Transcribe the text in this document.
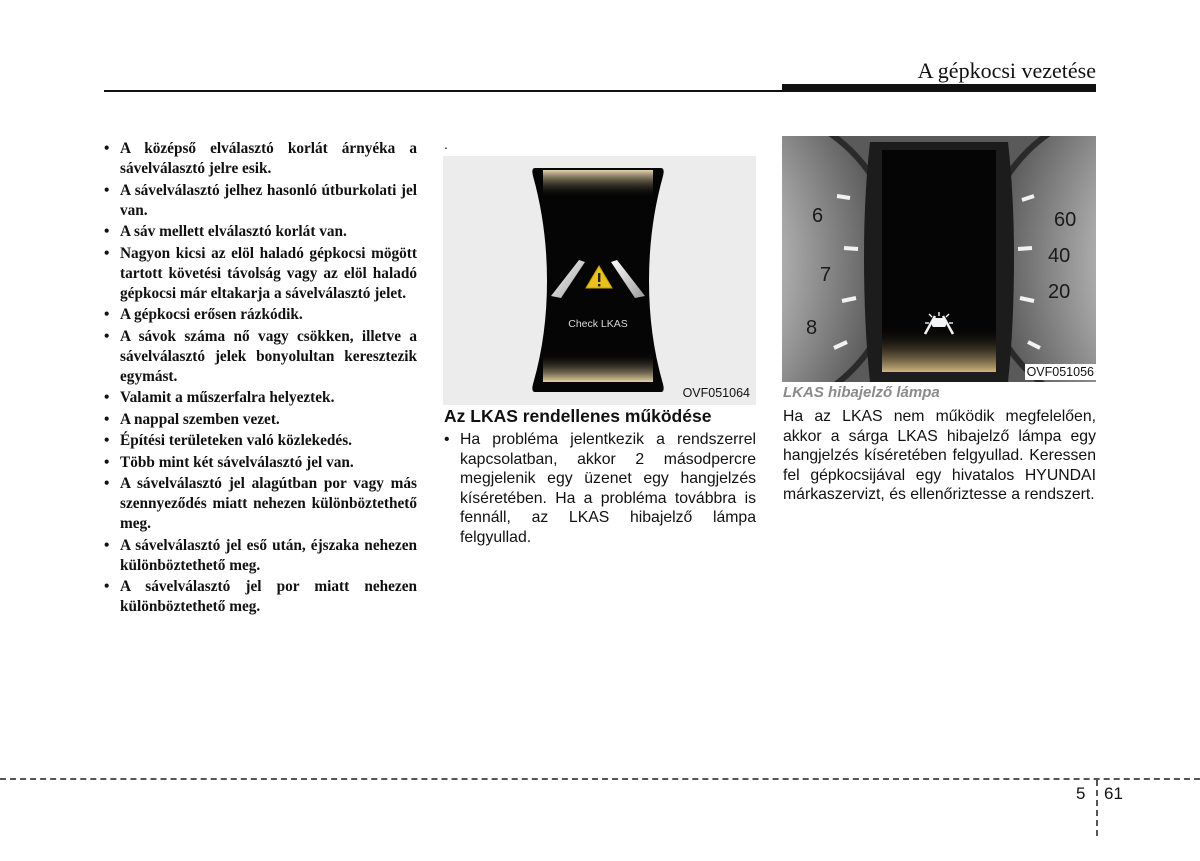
A gépkocsi vezetése
• A középső elválasztó korlát árnyéka a sávelválasztó jelre esik.
• A sávelválasztó jelhez hasonló útburkolati jel van.
• A sáv mellett elválasztó korlát van.
• Nagyon kicsi az elöl haladó gépkocsi mögött tartott követési távolság vagy az elöl haladó gépkocsi már eltakarja a sávelválasztó jelet.
• A gépkocsi erősen rázkódik.
• A sávok száma nő vagy csökken, illetve a sávelválasztó jelek bonyolultan keresztezik egymást.
• Valamit a műszerfalra helyeztek.
• A nappal szemben vezet.
• Építési területeken való közlekedés.
• Több mint két sávelválasztó jel van.
• A sávelválasztó jel alagútban por vagy más szennyeződés miatt nehezen különböztethető meg.
• A sávelválasztó jel eső után, éjszaka nehezen különböztethető meg.
• A sávelválasztó jel por miatt nehezen különböztethető meg.
.
Check LKAS
OVF051064
Az LKAS rendellenes működése

• Ha probléma jelentkezik a rendszerrel kapcsolatban, akkor 2 másodpercre megjelenik egy üzenet egy hangjelzés kíséretében. Ha a probléma továbbra is fennáll, az LKAS hibajelző lámpa felgyullad.

6
7
8
60
40
20
OVF051056
LKAS hibajelző lámpa

Ha az LKAS nem működik megfelelően, akkor a sárga LKAS hibajelző lámpa egy hangjelzés kíséretében felgyullad. Keressen fel gépkocsijával egy hivatalos HYUNDAI márkaszervizt, és ellenőriztesse a rendszert.

5 61
